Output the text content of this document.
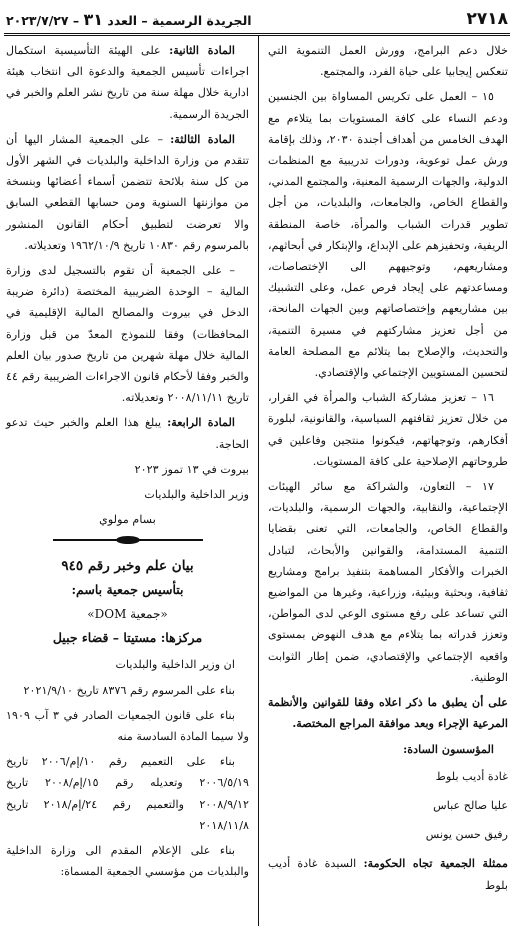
٢٧١٨
الجريدة الرسمية – العدد ٣١ – ٢٠٢٣/٧/٢٧

خلال دعم البرامج، وورش العمل التنموية التي تنعكس إيجابيا على حياة الفرد، والمجتمع.

١٥ – العمل على تكريس المساواة بين الجنسين ودعم النساء على كافة المستويات بما يتلاءم مع الهدف الخامس من أهداف أجندة ٢٠٣٠، وذلك بإقامة ورش عمل توعوية، ودورات تدريبية مع المنظمات الدولية، والجهات الرسمية المعنية، والمجتمع المدني، والقطاع الخاص، والجامعات، والبلديات، من أجل تطوير قدرات الشباب والمرأة، خاصة المنطقة الريفية، وتحفيزهم على الإبداع، والإبتكار في أبحاثهم، ومشاريعهم، وتوجيههم الى الإختصاصات، ومساعدتهم على إيجاد فرص عمل، وعلى التشبيك بين مشاريعهم وإختصاصاتهم وبين الجهات المانحة، من أجل تعزيز مشاركتهم في مسيرة التنمية، والتحديث، والإصلاح بما يتلائم مع المصلحة العامة لتحسين المستويين الإجتماعي والإقتصادي.

١٦ – تعزيز مشاركة الشباب والمرأة في القرار، من خلال تعزيز ثقافتهم السياسية، والقانونية، لبلورة أفكارهم، وتوجهاتهم، فيكونوا منتجين وفاعلين في طروحاتهم الإصلاحية على كافة المستويات.

١٧ – التعاون، والشراكة مع سائر الهيئات الإجتماعية، والنقابية، والجهات الرسمية، والبلديات، والقطاع الخاص، والجامعات، التي تعنى بقضايا التنمية المستدامة، والقوانين والأبحاث، لتبادل الخبرات والأفكار المساهمة بتنفيذ برامج ومشاريع ثقافية، وبحثية وبيئية، وزراعية، وغيرها من المواضيع التي تساعد على رفع مستوى الوعي لدى المواطن، وتعزز قدراته بما يتلاءم مع هدف النهوض بمستوى واقعيه الإجتماعي والإقتصادي، ضمن إطار الثوابت الوطنية.

على أن يطبق ما ذكر اعلاه وفقا للقوانين والأنظمة المرعية الإجراء وبعد موافقة المراجع المختصة.

المؤسسون السادة:

غادة أديب بلوط
عليا صالح عباس
رفيق حسن يونس

ممثلة الجمعية تجاه الحكومة: السيدة غادة أديب بلوط

المادة الثانية: على الهيئة التأسيسية استكمال اجراءات تأسيس الجمعية والدعوة الى انتخاب هيئة ادارية خلال مهلة سنة من تاريخ نشر العلم والخبر في الجريدة الرسمية.

المادة الثالثة: – على الجمعية المشار اليها أن تتقدم من وزارة الداخلية والبلديات في الشهر الأول من كل سنة بلائحة تتضمن أسماء أعضائها وبنسخة من موازنتها السنوية ومن حسابها القطعي السابق والا تعرضت لتطبيق أحكام القانون المنشور بالمرسوم رقم ١٠٨٣٠ تاريخ ١٩٦٢/١٠/٩ وتعديلاته.

– على الجمعية أن تقوم بالتسجيل لدى وزارة المالية – الوحدة الضريبية المختصة (دائرة ضريبة الدخل في بيروت والمصالح المالية الإقليمية في المحافظات) وفقا للنموذج المعدّ من قبل وزارة المالية خلال مهلة شهرين من تاريخ صدور بيان العلم والخبر وفقا لأحكام قانون الاجراءات الضريبية رقم ٤٤ تاريخ ٢٠٠٨/١١/١١ وتعديلاته.

المادة الرابعة: يبلغ هذا العلم والخبر حيث تدعو الحاجة.

بيروت في ١٣ تموز ٢٠٢٣

وزير الداخلية والبلديات

بسام مولوي

بيان علم وخبر رقم ٩٤٥

بتأسيس جمعية باسم:

«جمعية DOM»

مركزها: مستيتا – قضاء جبيل

ان وزير الداخلية والبلديات

بناء على المرسوم رقم ٨٣٧٦ تاريخ ٢٠٢١/٩/١٠

بناء على قانون الجمعيات الصادر في ٣ آب ١٩٠٩ ولا سيما المادة السادسة منه

بناء على التعميم رقم ١٠/إم/٢٠٠٦ تاريخ ٢٠٠٦/٥/١٩ وتعديله رقم ١٥/إم/٢٠٠٨ تاريخ ٢٠٠٨/٩/١٢ والتعميم رقم ٢٤/إم/٢٠١٨ تاريخ ٢٠١٨/١١/٨

بناء على الإعلام المقدم الى وزارة الداخلية والبلديات من مؤسسي الجمعية المسماة:
